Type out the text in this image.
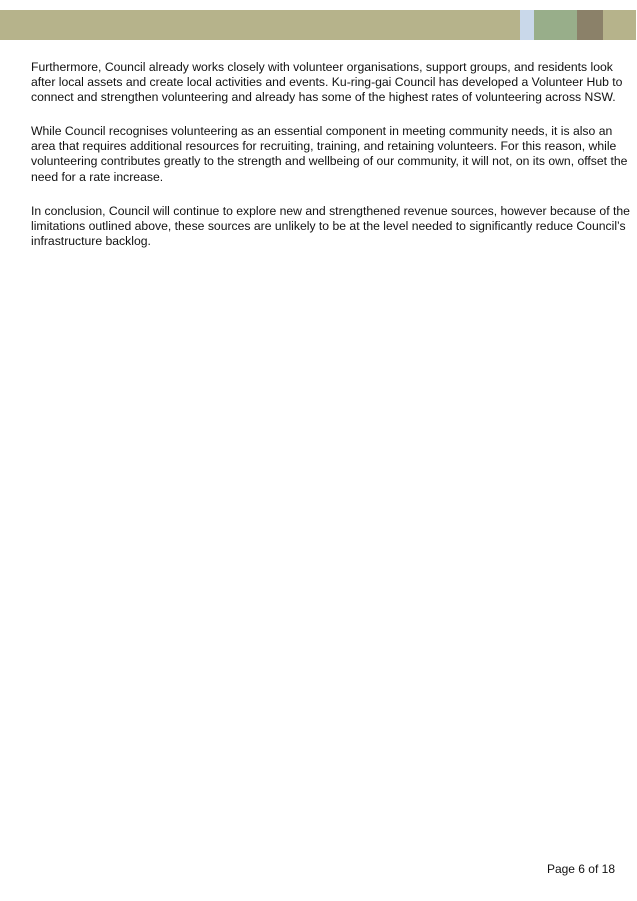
Furthermore, Council already works closely with volunteer organisations, support groups, and residents look
after local assets and create local activities and events. Ku-ring-gai Council has developed a Volunteer Hub to
connect and strengthen volunteering and already has some of the highest rates of volunteering across NSW.

While Council recognises volunteering as an essential component in meeting community needs, it is also an
area that requires additional resources for recruiting, training, and retaining volunteers. For this reason, while
volunteering contributes greatly to the strength and wellbeing of our community, it will not, on its own, offset the
need for a rate increase.

In conclusion, Council will continue to explore new and strengthened revenue sources, however because of the
limitations outlined above, these sources are unlikely to be at the level needed to significantly reduce Council’s
infrastructure backlog.

Page 6 of 18
